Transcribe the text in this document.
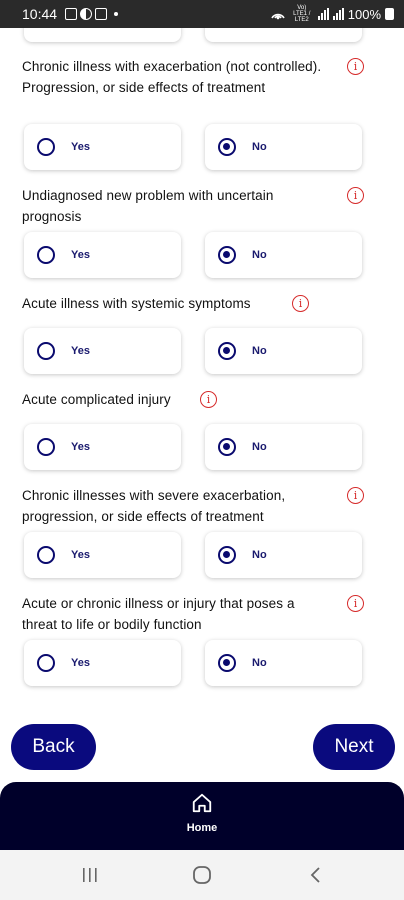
10:44	Vo) LTE1 / LTE2	100%
Chronic illness with exacerbation (not controlled). Progression, or side effects of treatment
i
Yes	No
Undiagnosed new problem with uncertain prognosis
i
Yes	No
Acute illness with systemic symptoms	i
Yes	No
Acute complicated injury	i
Yes	No
Chronic illnesses with severe exacerbation, progression, or side effects of treatment
i
Yes	No
Acute or chronic illness or injury that poses a threat to life or bodily function
i
Yes	No
Back	Next
Home
